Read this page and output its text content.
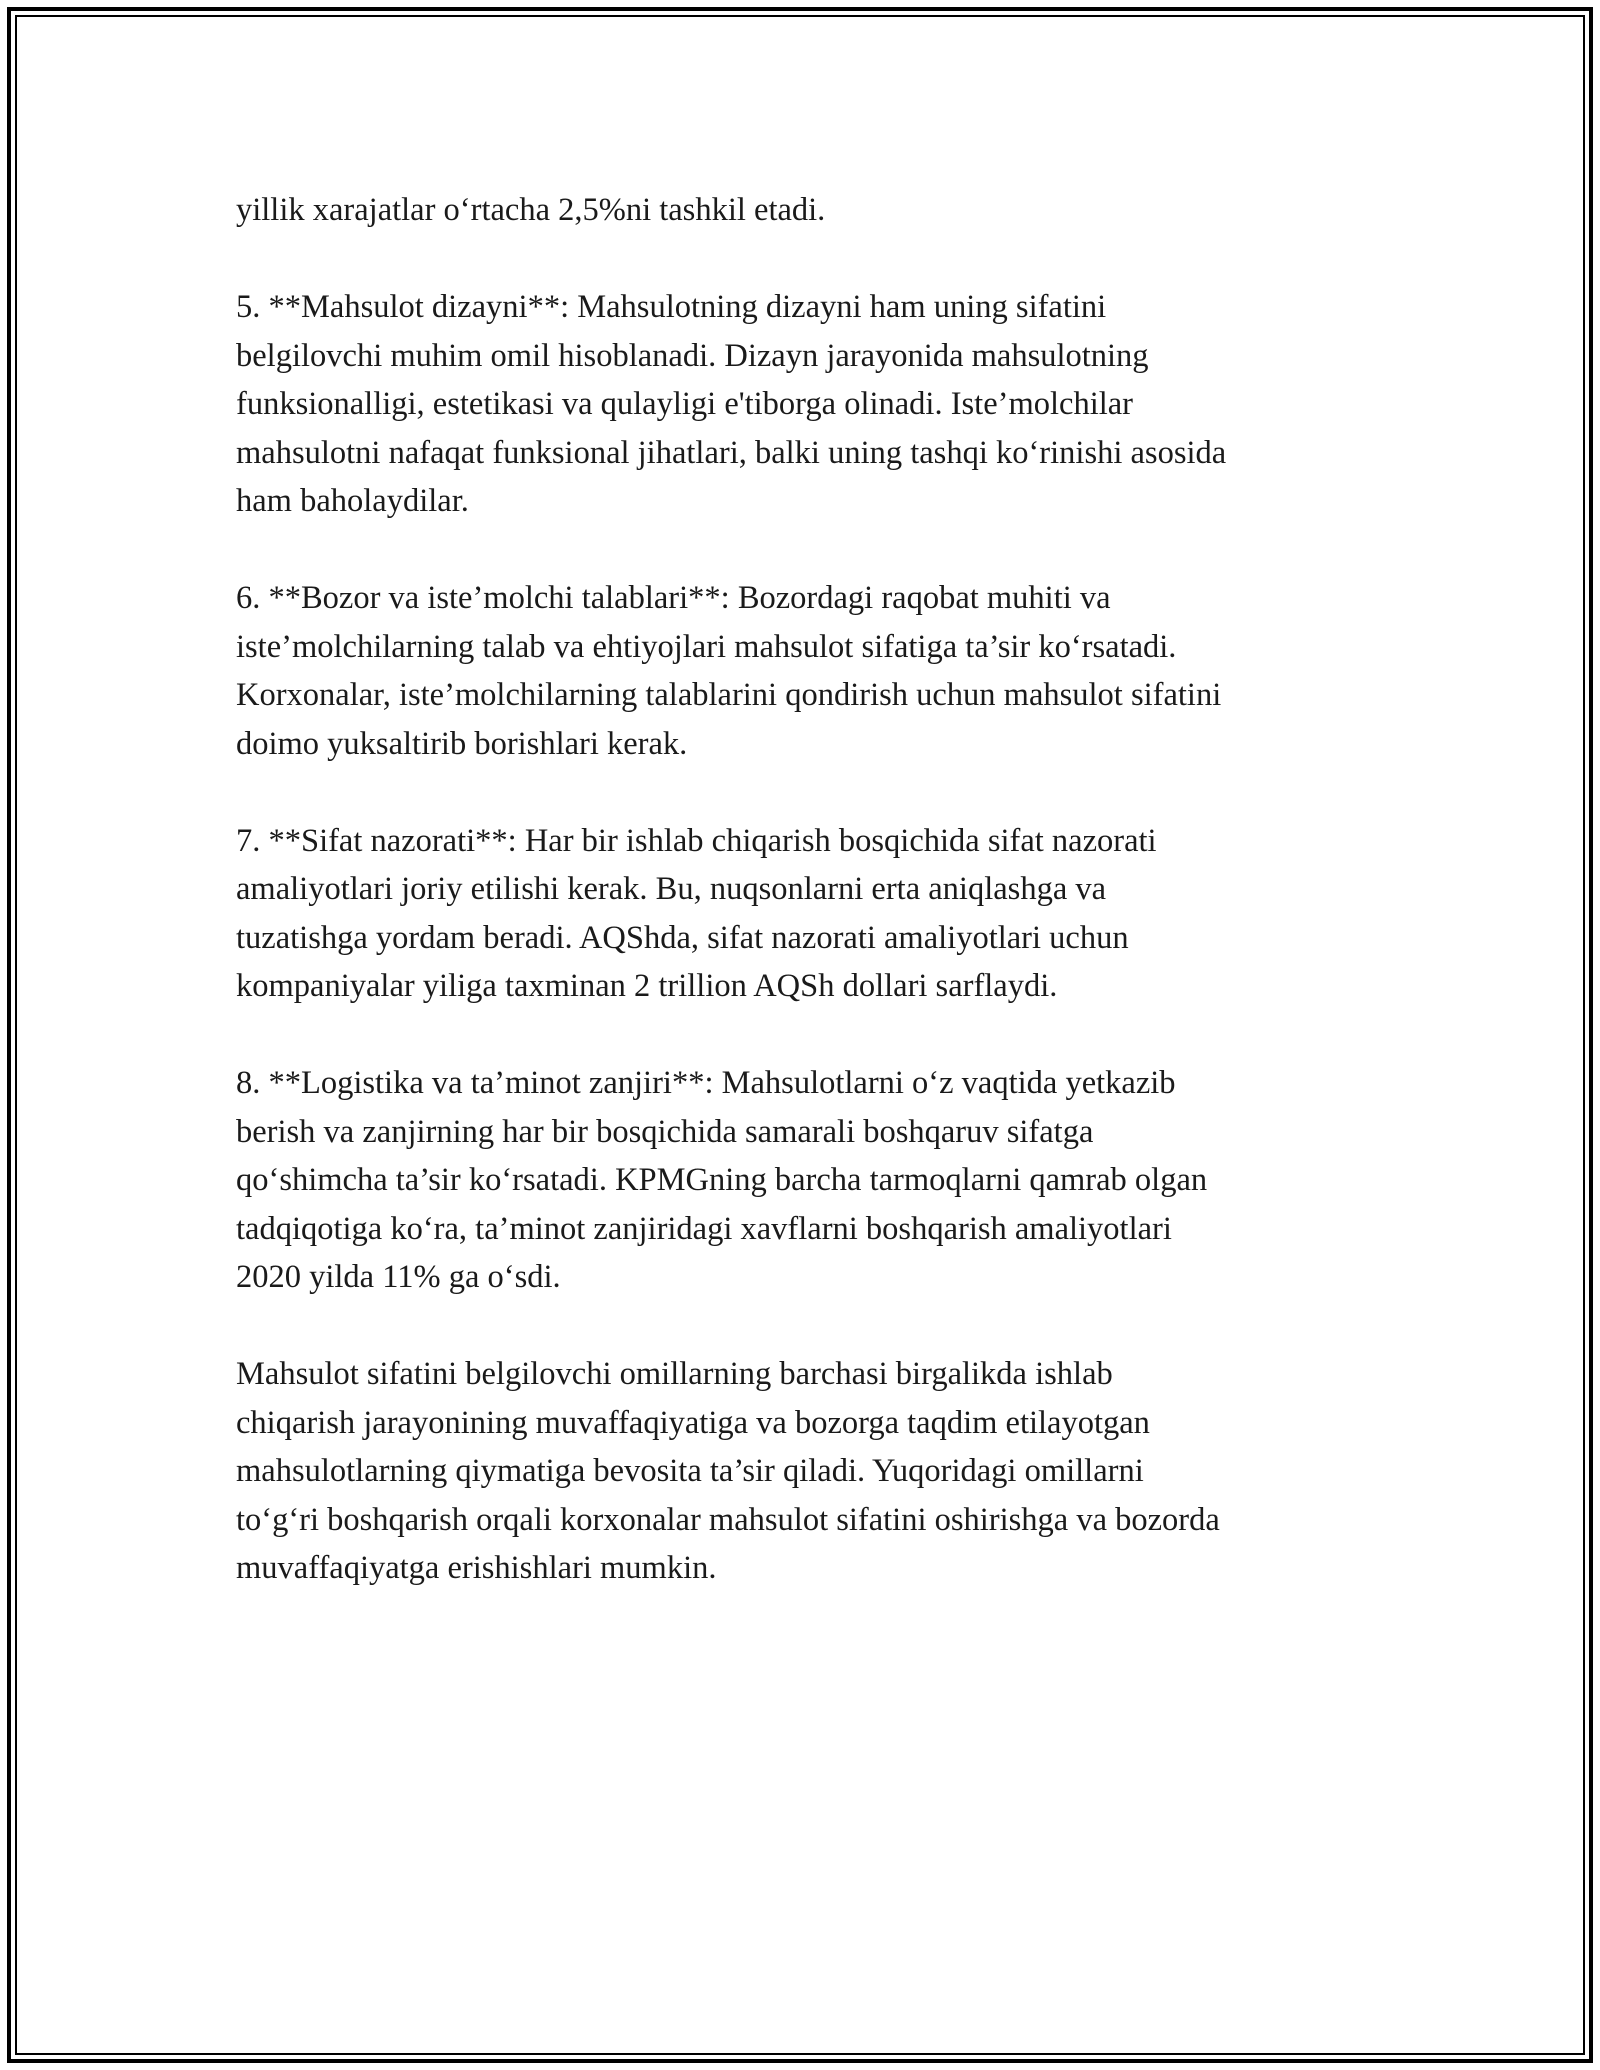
yillik xarajatlar o‘rtacha 2,5%ni tashkil etadi.

5. **Mahsulot dizayni**: Mahsulotning dizayni ham uning sifatini
belgilovchi muhim omil hisoblanadi. Dizayn jarayonida mahsulotning
funksionalligi, estetikasi va qulayligi e'tiborga olinadi. Iste’molchilar
mahsulotni nafaqat funksional jihatlari, balki uning tashqi ko‘rinishi asosida
ham baholaydilar.

6. **Bozor va iste’molchi talablari**: Bozordagi raqobat muhiti va
iste’molchilarning talab va ehtiyojlari mahsulot sifatiga ta’sir ko‘rsatadi.
Korxonalar, iste’molchilarning talablarini qondirish uchun mahsulot sifatini
doimo yuksaltirib borishlari kerak.

7. **Sifat nazorati**: Har bir ishlab chiqarish bosqichida sifat nazorati
amaliyotlari joriy etilishi kerak. Bu, nuqsonlarni erta aniqlashga va
tuzatishga yordam beradi. AQShda, sifat nazorati amaliyotlari uchun
kompaniyalar yiliga taxminan 2 trillion AQSh dollari sarflaydi.

8. **Logistika va ta’minot zanjiri**: Mahsulotlarni o‘z vaqtida yetkazib
berish va zanjirning har bir bosqichida samarali boshqaruv sifatga
qo‘shimcha ta’sir ko‘rsatadi. KPMGning barcha tarmoqlarni qamrab olgan
tadqiqotiga ko‘ra, ta’minot zanjiridagi xavflarni boshqarish amaliyotlari
2020 yilda 11% ga o‘sdi.

Mahsulot sifatini belgilovchi omillarning barchasi birgalikda ishlab
chiqarish jarayonining muvaffaqiyatiga va bozorga taqdim etilayotgan
mahsulotlarning qiymatiga bevosita ta’sir qiladi. Yuqoridagi omillarni
to‘g‘ri boshqarish orqali korxonalar mahsulot sifatini oshirishga va bozorda
muvaffaqiyatga erishishlari mumkin.
